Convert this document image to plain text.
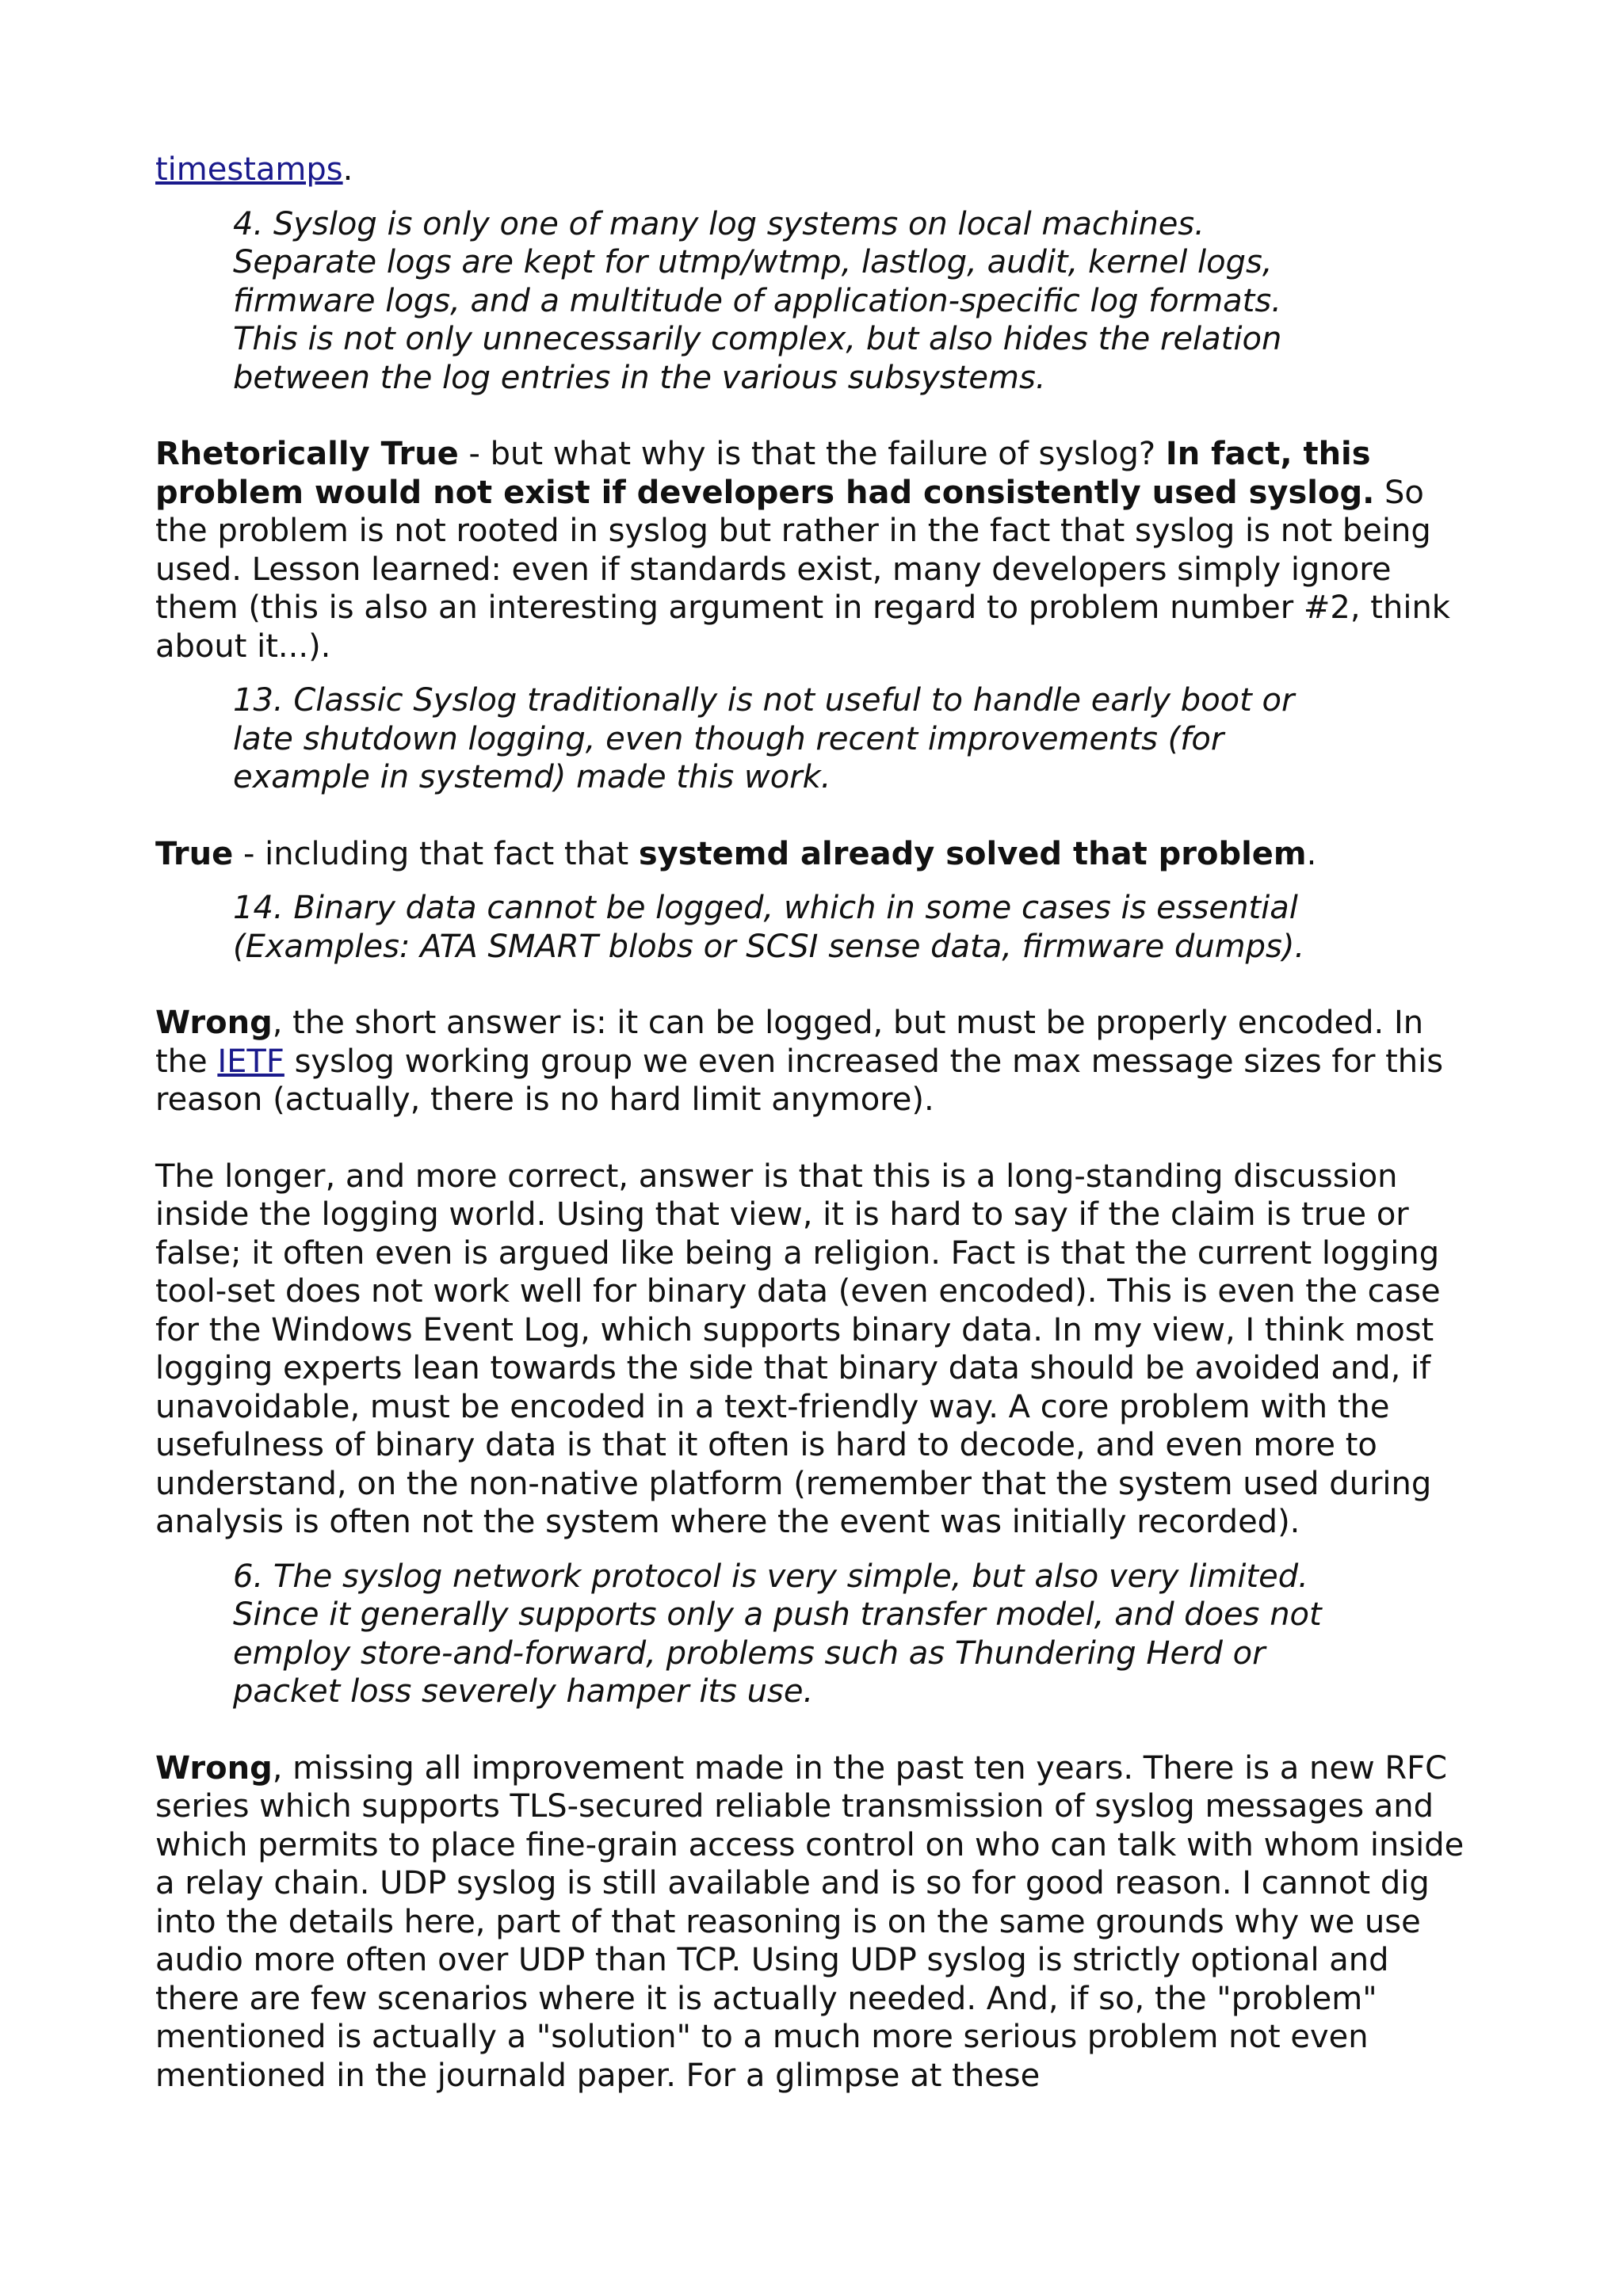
timestamps.

4. Syslog is only one of many log systems on local machines.
Separate logs are kept for utmp/wtmp, lastlog, audit, kernel logs,
firmware logs, and a multitude of application-specific log formats.
This is not only unnecessarily complex, but also hides the relation
between the log entries in the various subsystems.

Rhetorically True - but what why is that the failure of syslog? In fact, this problem would not exist if developers had consistently used syslog. So the problem is not rooted in syslog but rather in the fact that syslog is not being used. Lesson learned: even if standards exist, many developers simply ignore them (this is also an interesting argument in regard to problem number #2, think about it...).

13. Classic Syslog traditionally is not useful to handle early boot or
late shutdown logging, even though recent improvements (for
example in systemd) made this work.

True - including that fact that systemd already solved that problem.

14. Binary data cannot be logged, which in some cases is essential
(Examples: ATA SMART blobs or SCSI sense data, firmware dumps).

Wrong, the short answer is: it can be logged, but must be properly encoded. In the IETF syslog working group we even increased the max message sizes for this reason (actually, there is no hard limit anymore).

The longer, and more correct, answer is that this is a long-standing discussion inside the logging world. Using that view, it is hard to say if the claim is true or false; it often even is argued like being a religion. Fact is that the current logging tool-set does not work well for binary data (even encoded). This is even the case for the Windows Event Log, which supports binary data. In my view, I think most logging experts lean towards the side that binary data should be avoided and, if unavoidable, must be encoded in a text-friendly way. A core problem with the usefulness of binary data is that it often is hard to decode, and even more to understand, on the non-native platform (remember that the system used during analysis is often not the system where the event was initially recorded).

6. The syslog network protocol is very simple, but also very limited.
Since it generally supports only a push transfer model, and does not
employ store-and-forward, problems such as Thundering Herd or
packet loss severely hamper its use.

Wrong, missing all improvement made in the past ten years. There is a new RFC series which supports TLS-secured reliable transmission of syslog messages and which permits to place fine-grain access control on who can talk with whom inside a relay chain. UDP syslog is still available and is so for good reason. I cannot dig into the details here, part of that reasoning is on the same grounds why we use audio more often over UDP than TCP. Using UDP syslog is strictly optional and there are few scenarios where it is actually needed. And, if so, the "problem" mentioned is actually a "solution" to a much more serious problem not even mentioned in the journald paper. For a glimpse at these
